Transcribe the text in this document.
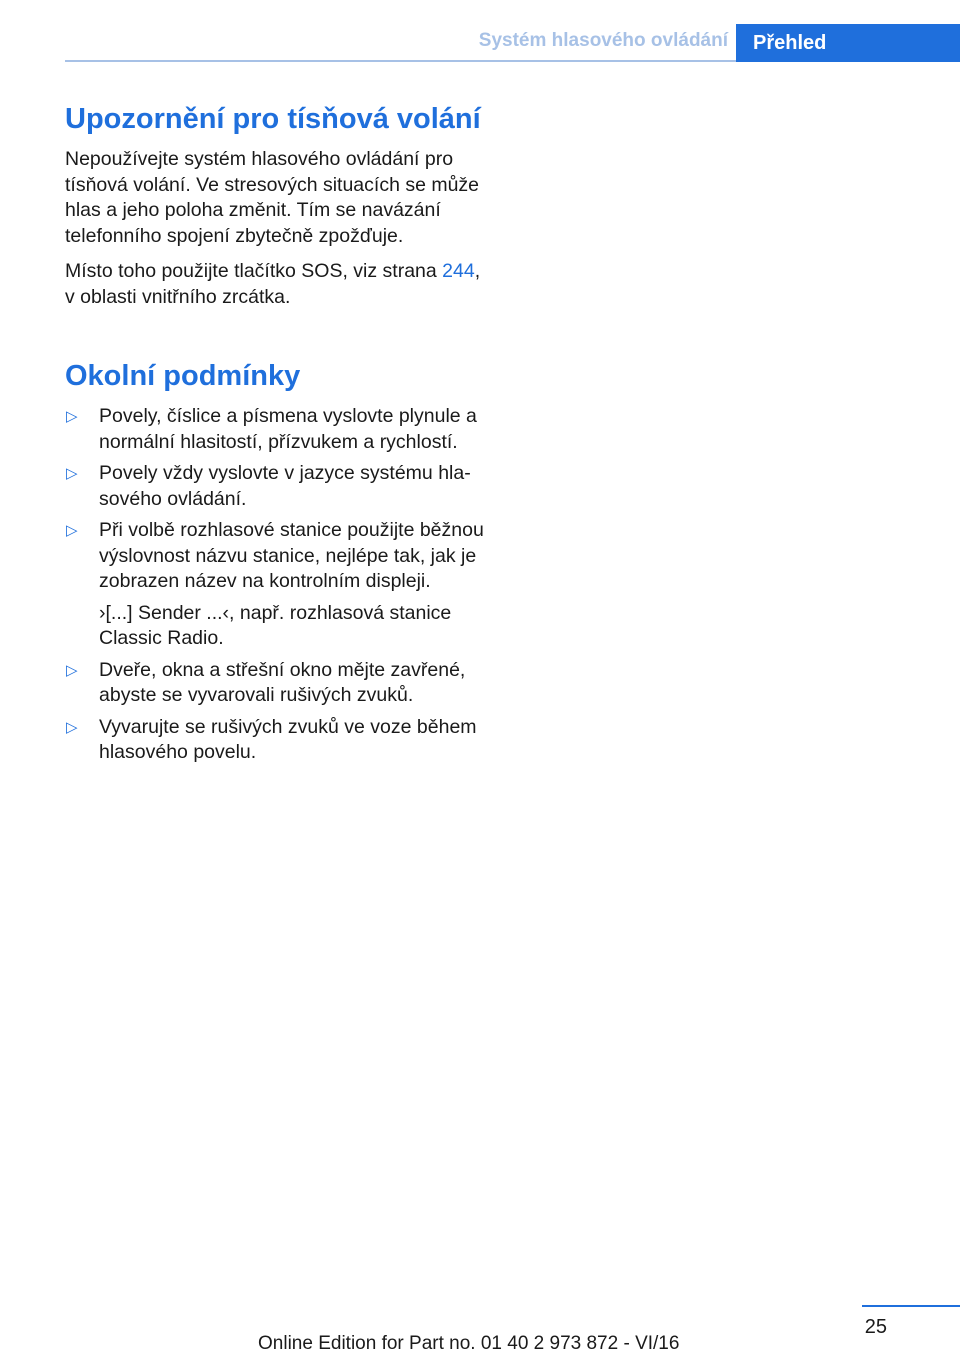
Systém hlasového ovládání	Přehled
Upozornění pro tísňová volání

Nepoužívejte systém hlasového ovládání pro tísňová volání. Ve stresových situacích se může hlas a jeho poloha změnit. Tím se navázání telefonního spojení zbytečně zpožďuje.

Místo toho použijte tlačítko SOS, viz strana 244, v oblasti vnitřního zrcátka.

Okolní podmínky
▷ Povely, číslice a písmena vyslovte plynule a normální hlasitostí, přízvukem a rychlostí.

▷ Povely vždy vyslovte v jazyce systému hlasového ovládání.

▷ Při volbě rozhlasové stanice použijte běžnou výslovnost názvu stanice, nejlépe tak, jak je zobrazen název na kontrolním displeji.

›[...] Sender ...‹, např. rozhlasová stanice Classic Radio.

▷ Dveře, okna a střešní okno mějte zavřené, abyste se vyvarovali rušivých zvuků.

▷ Vyvarujte se rušivých zvuků ve voze během hlasového povelu.

25
Online Edition for Part no. 01 40 2 973 872 - VI/16
